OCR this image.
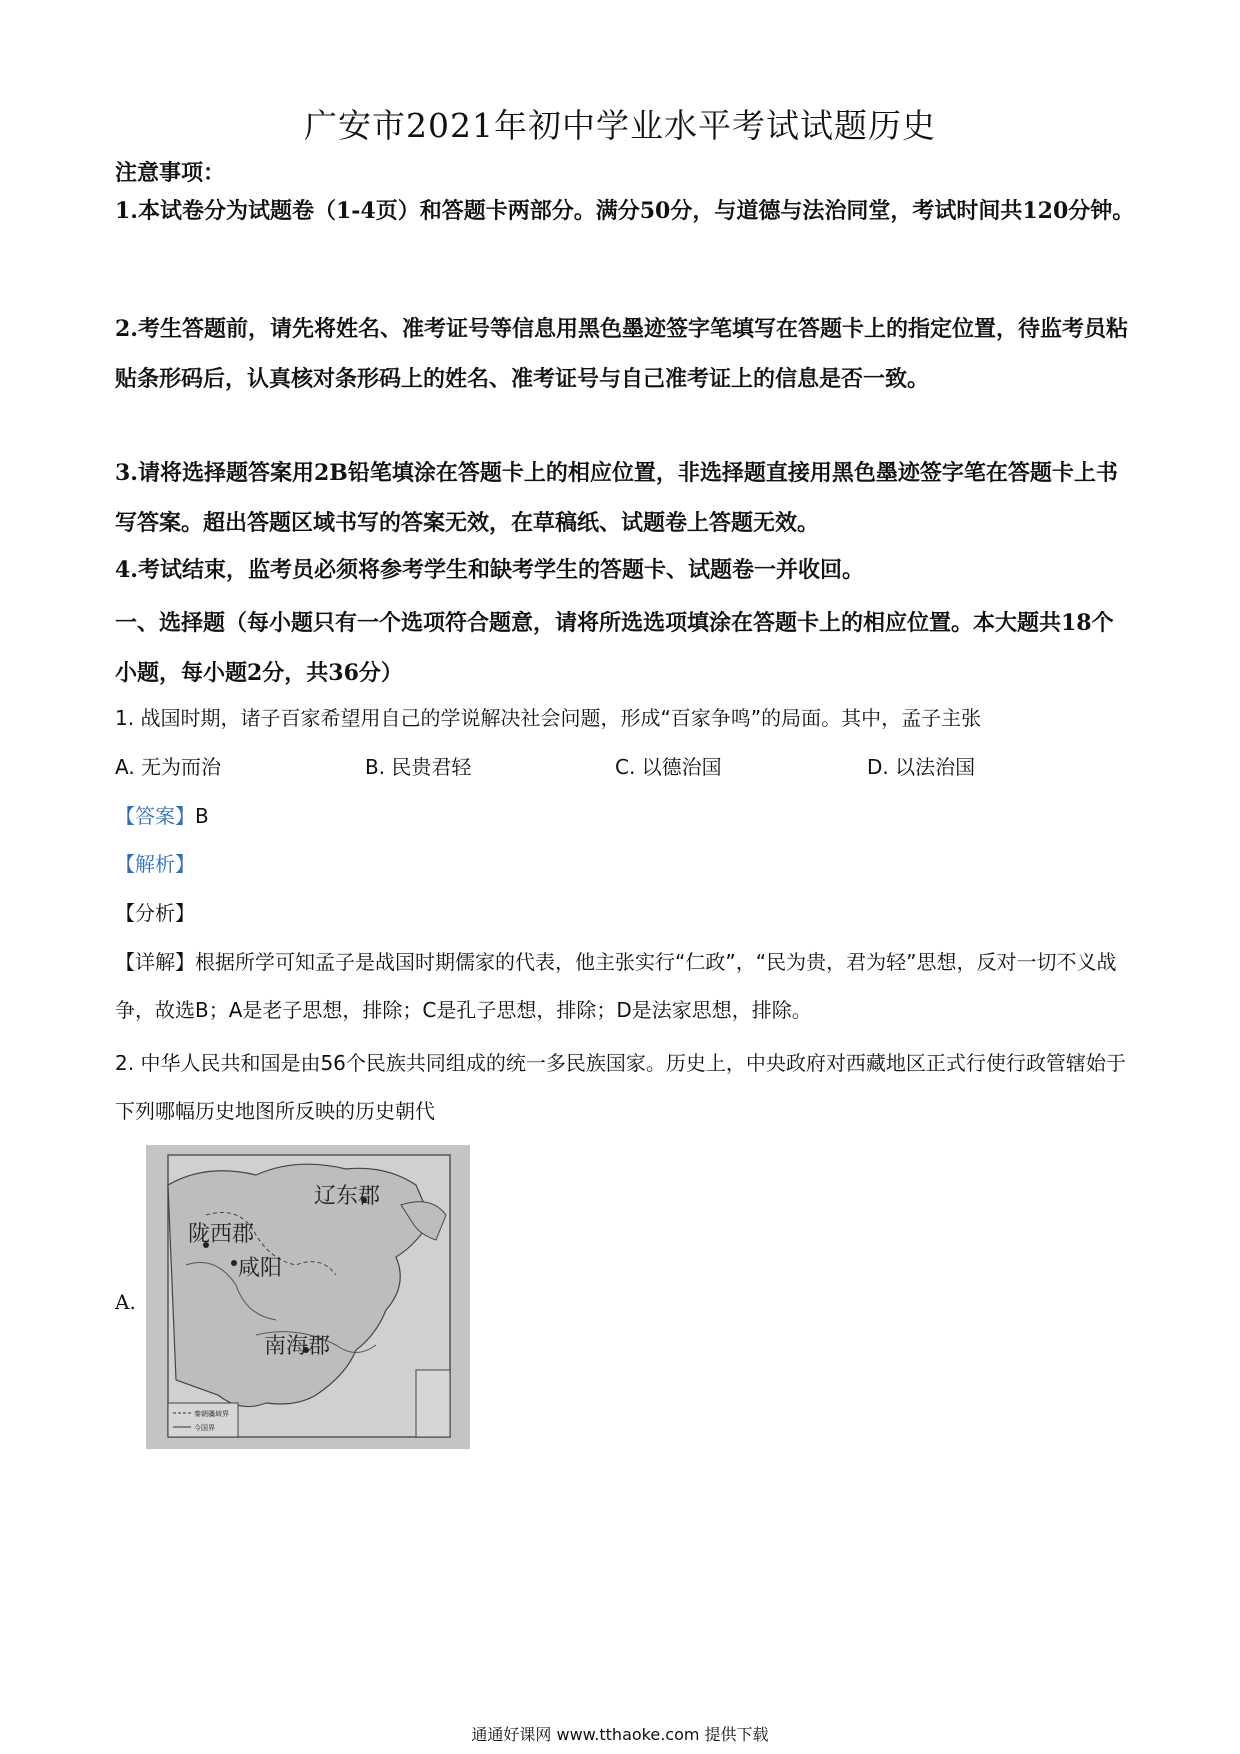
广安市2021年初中学业水平考试试题历史
注意事项：
1.本试卷分为试题卷（1-4页）和答题卡两部分。满分50分，与道德与法治同堂，考试时间共120分钟。
2.考生答题前，请先将姓名、准考证号等信息用黑色墨迹签字笔填写在答题卡上的指定位置，待监考员粘贴条形码后，认真核对条形码上的姓名、准考证号与自己准考证上的信息是否一致。
3.请将选择题答案用2B铅笔填涂在答题卡上的相应位置，非选择题直接用黑色墨迹签字笔在答题卡上书写答案。超出答题区域书写的答案无效，在草稿纸、试题卷上答题无效。
4.考试结束，监考员必须将参考学生和缺考学生的答题卡、试题卷一并收回。
一、选择题（每小题只有一个选项符合题意，请将所选选项填涂在答题卡上的相应位置。本大题共18个小题，每小题2分，共36分）
1. 战国时期，诸子百家希望用自己的学说解决社会问题，形成“百家争鸣”的局面。其中，孟子主张
A. 无为而治	B. 民贵君轻	C. 以德治国	D. 以法治国
【答案】B
【解析】
【分析】
【详解】根据所学可知孟子是战国时期儒家的代表，他主张实行“仁政”，“民为贵，君为轻”思想，反对一切不义战争，故选B；A是老子思想，排除；C是孔子思想，排除；D是法家思想，排除。
2. 中华人民共和国是由56个民族共同组成的统一多民族国家。历史上，中央政府对西藏地区正式行使行政管辖始于下列哪幅历史地图所反映的历史朝代
A.
秦朝疆域界
今国界
辽东郡
陇西郡
咸阳
南海郡
通通好课网 www.tthaoke.com 提供下载
